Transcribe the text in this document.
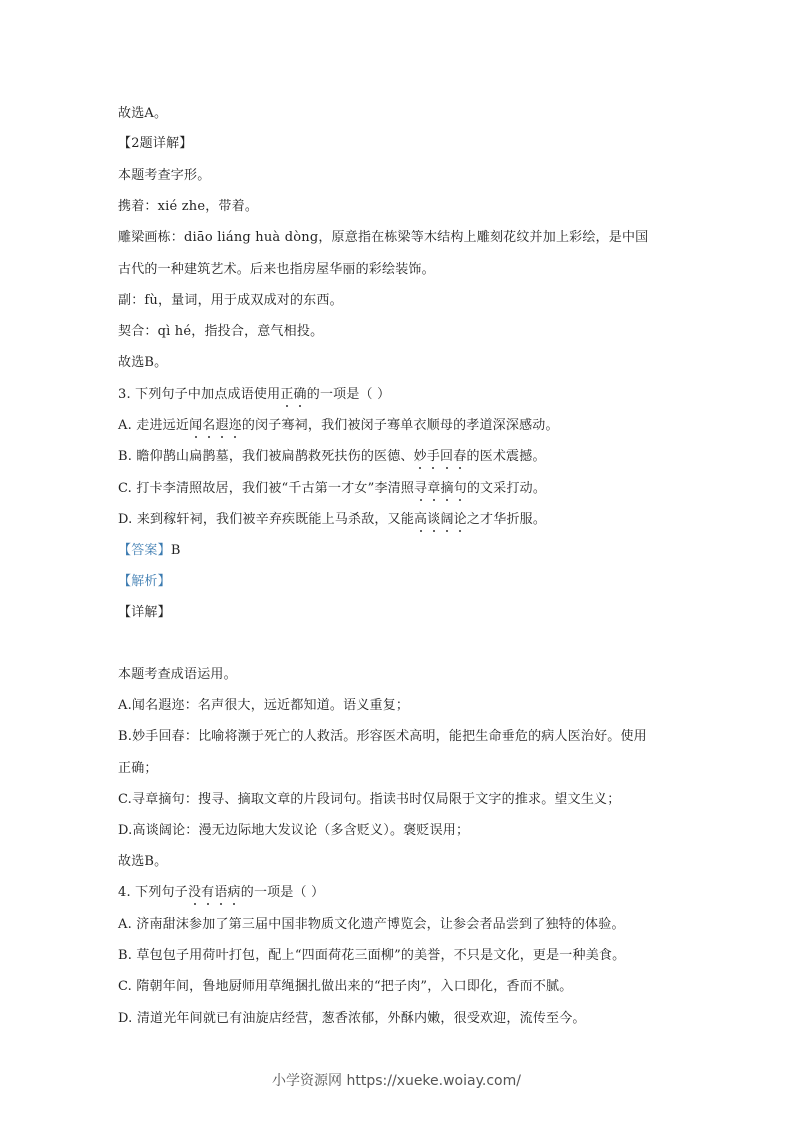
故选A。
【2题详解】
本题考查字形。
携着：xié zhe，带着。
雕梁画栋：diāo liáng huà dòng，原意指在栋梁等木结构上雕刻花纹并加上彩绘，是中国
古代的一种建筑艺术。后来也指房屋华丽的彩绘装饰。
副：fù，量词，用于成双成对的东西。
契合：qì hé，指投合，意气相投。
故选B。
3. 下列句子中加点成语使用正确的一项是（ ）
A. 走进远近闻名遐迩的闵子骞祠，我们被闵子骞单衣顺母的孝道深深感动。
B. 瞻仰鹊山扁鹊墓，我们被扁鹊救死扶伤的医德、妙手回春的医术震撼。
C. 打卡李清照故居，我们被“千古第一才女”李清照寻章摘句的文采打动。
D. 来到稼轩祠，我们被辛弃疾既能上马杀敌，又能高谈阔论之才华折服。
【答案】B
【解析】
【详解】
本题考查成语运用。
A.闻名遐迩：名声很大，远近都知道。语义重复；
B.妙手回春：比喻将濒于死亡的人救活。形容医术高明，能把生命垂危的病人医治好。使用
正确；
C.寻章摘句：搜寻、摘取文章的片段词句。指读书时仅局限于文字的推求。望文生义；
D.高谈阔论：漫无边际地大发议论（多含贬义）。褒贬误用；
故选B。
4. 下列句子没有语病的一项是（ ）
A. 济南甜沫参加了第三届中国非物质文化遗产博览会，让参会者品尝到了独特的体验。
B. 草包包子用荷叶打包，配上“四面荷花三面柳”的美誉，不只是文化，更是一种美食。
C. 隋朝年间，鲁地厨师用草绳捆扎做出来的“把子肉”，入口即化，香而不腻。
D. 清道光年间就已有油旋店经营，葱香浓郁，外酥内嫩，很受欢迎，流传至今。
小学资源网 https://xueke.woiay.com/
